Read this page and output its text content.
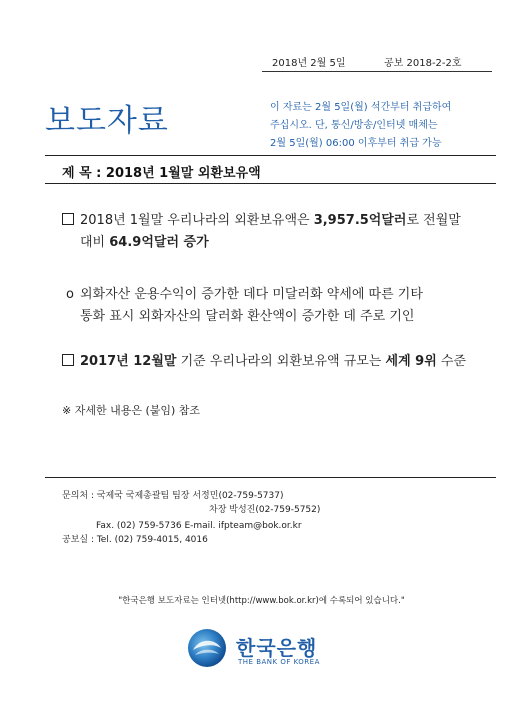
2018년 2월 5일	공보 2018-2-2호
보도자료	이 자료는 2월 5일(월) 석간부터 취급하여
주십시오. 단, 통신/방송/인터넷 매체는
2월 5일(월) 06:00 이후부터 취급 가능
제 목 : 2018년 1월말 외환보유액
2018년 1월말 우리나라의 외환보유액은 3,957.5억달러로 전월말
대비 64.9억달러 증가
o 외화자산 운용수익이 증가한 데다 미달러화 약세에 따른 기타
통화 표시 외화자산의 달러화 환산액이 증가한 데 주로 기인
2017년 12월말 기준 우리나라의 외환보유액 규모는 세계 9위 수준
※ 자세한 내용은 (붙임) 참조
문의처 : 국제국 국제총괄팀 팀장 서정민(02-759-5737)
차장 박성진(02-759-5752)
Fax. (02) 759-5736 E-mail. ifpteam@bok.or.kr
공보실 : Tel. (02) 759-4015, 4016
"한국은행 보도자료는 인터넷(http://www.bok.or.kr)에 수록되어 있습니다."
한국은행
THE BANK OF KOREA
